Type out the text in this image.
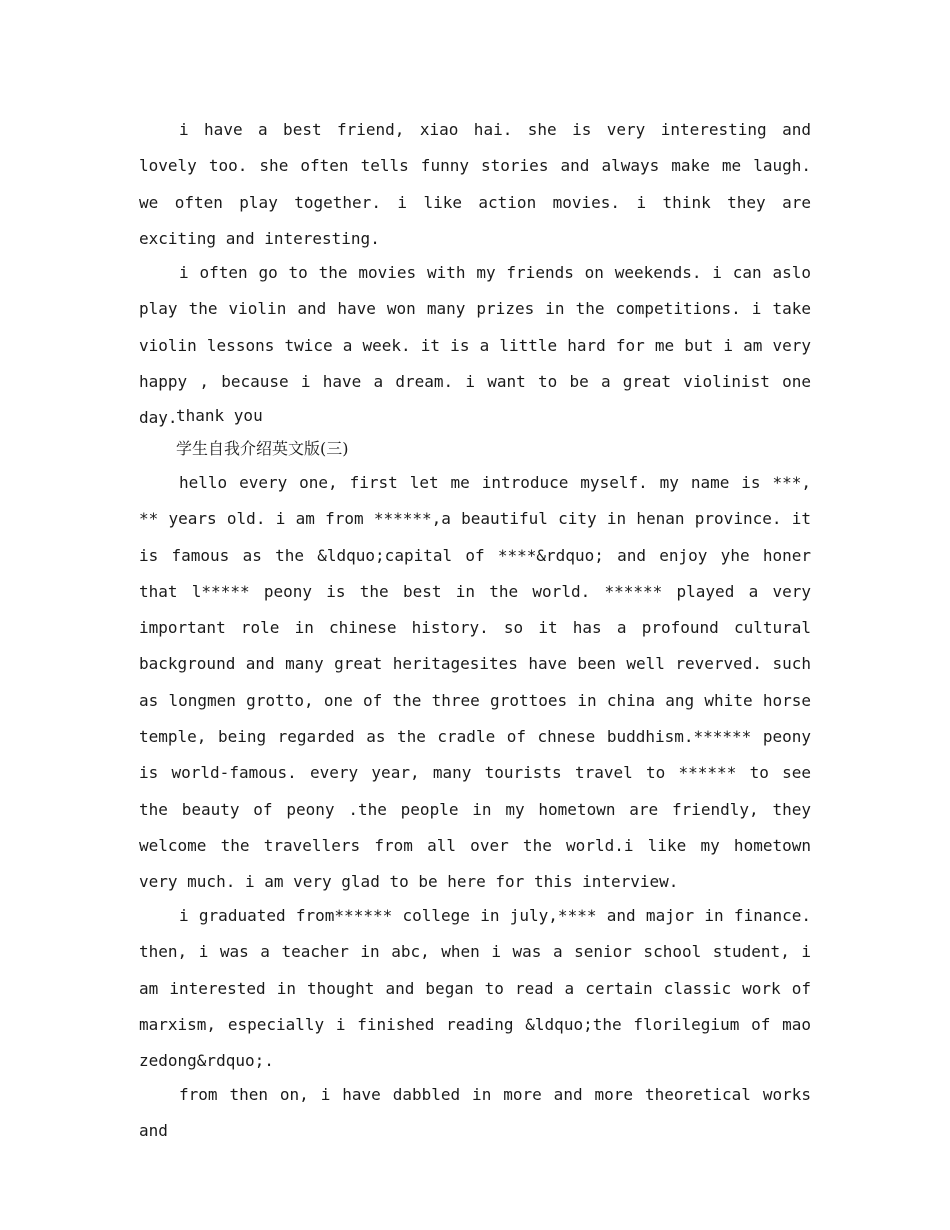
i have a best friend, xiao hai. she is very interesting and lovely too. she often tells funny stories and always make me laugh. we often play together. i like action movies. i think they are exciting and interesting.

i often go to the movies with my friends on weekends. i can aslo play the violin and have won many prizes in the competitions. i take violin lessons twice a week. it is a little hard for me but i am very happy , because i have a dream. i want to be a great violinist one day.

thank you

学生自我介绍英文版(三)

hello every one, first let me introduce myself. my name is ***, ** years old. i am from ******,a beautiful city in henan province. it is famous as the &ldquo;capital of ****&rdquo; and enjoy yhe honer that l***** peony is the best in the world. ****** played a very important role in chinese history. so it has a profound cultural background and many great heritagesites have been well reverved. such as longmen grotto, one of the three grottoes in china ang white horse temple, being regarded as the cradle of chnese buddhism.****** peony is world-famous. every year, many tourists travel to ****** to see the beauty of peony .the people in my hometown are friendly, they welcome the travellers from all over the world.i like my hometown very much. i am very glad to be here for this interview.

i graduated from****** college in july,**** and major in finance. then, i was a teacher in abc, when i was a senior school student, i am interested in thought and began to read a certain classic work of marxism, especially i finished reading &ldquo;the florilegium of mao zedong&rdquo;.

from then on, i have dabbled in more and more theoretical works and
